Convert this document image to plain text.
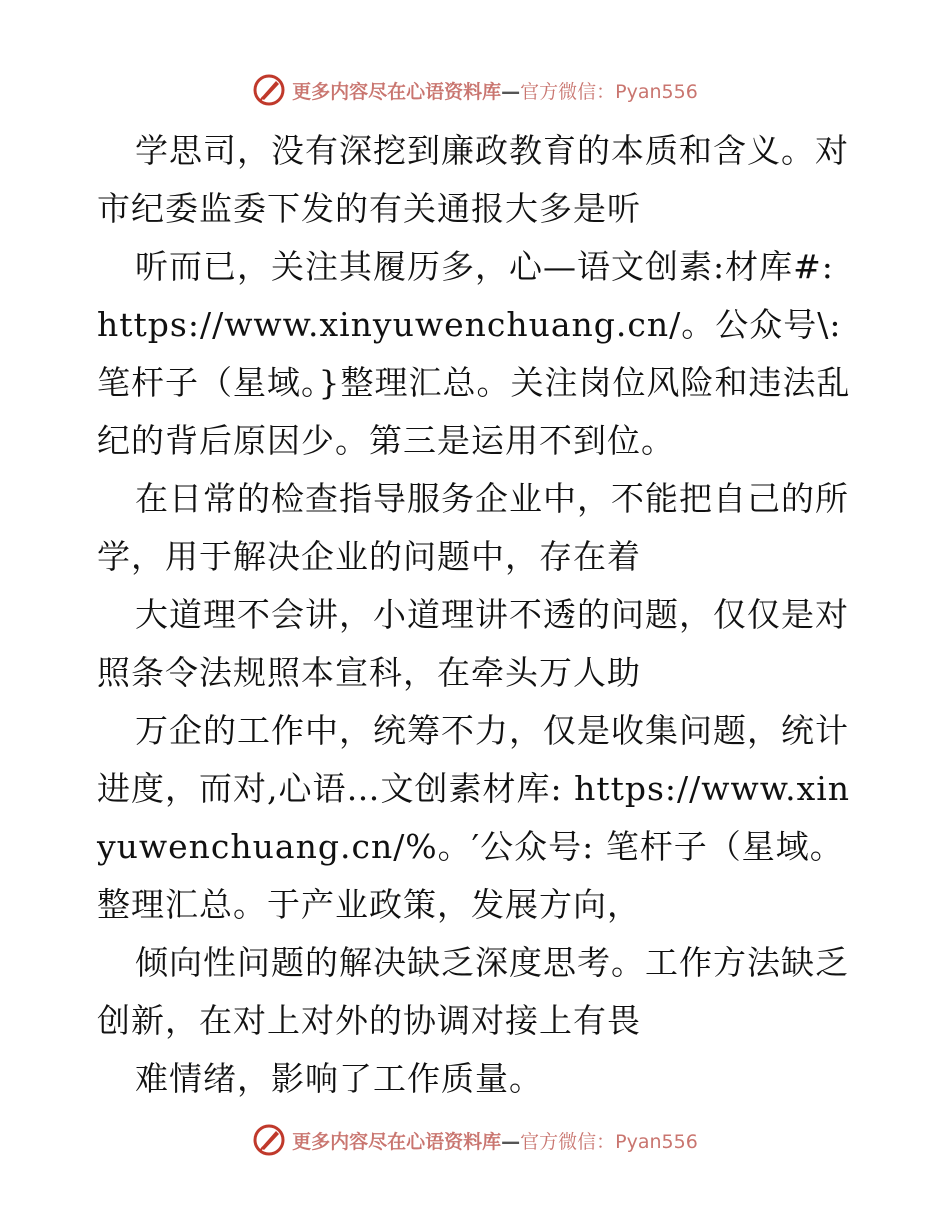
更多内容尽在心语资料库—官方微信：Pyan556

学思司，没有深挖到廉政教育的本质和含义。对市纪委监委下发的有关通报大多是听

听而已，关注其履历多，心—语文创素:材库#: https://www.xinyuwenchuang.cn/。公众号\: 笔杆子（星域。}整理汇总。关注岗位风险和违法乱纪的背后原因少。第三是运用不到位。

在日常的检查指导服务企业中，不能把自己的所学，用于解决企业的问题中，存在着

大道理不会讲，小道理讲不透的问题，仅仅是对照条令法规照本宣科，在牵头万人助

万企的工作中，统筹不力，仅是收集问题，统计进度，而对,心语…文创素材库: https://www.xinyuwenchuang.cn/%。′公众号: 笔杆子（星域。整理汇总。于产业政策，发展方向，

倾向性问题的解决缺乏深度思考。工作方法缺乏创新，在对上对外的协调对接上有畏

难情绪，影响了工作质量。

更多内容尽在心语资料库—官方微信：Pyan556
